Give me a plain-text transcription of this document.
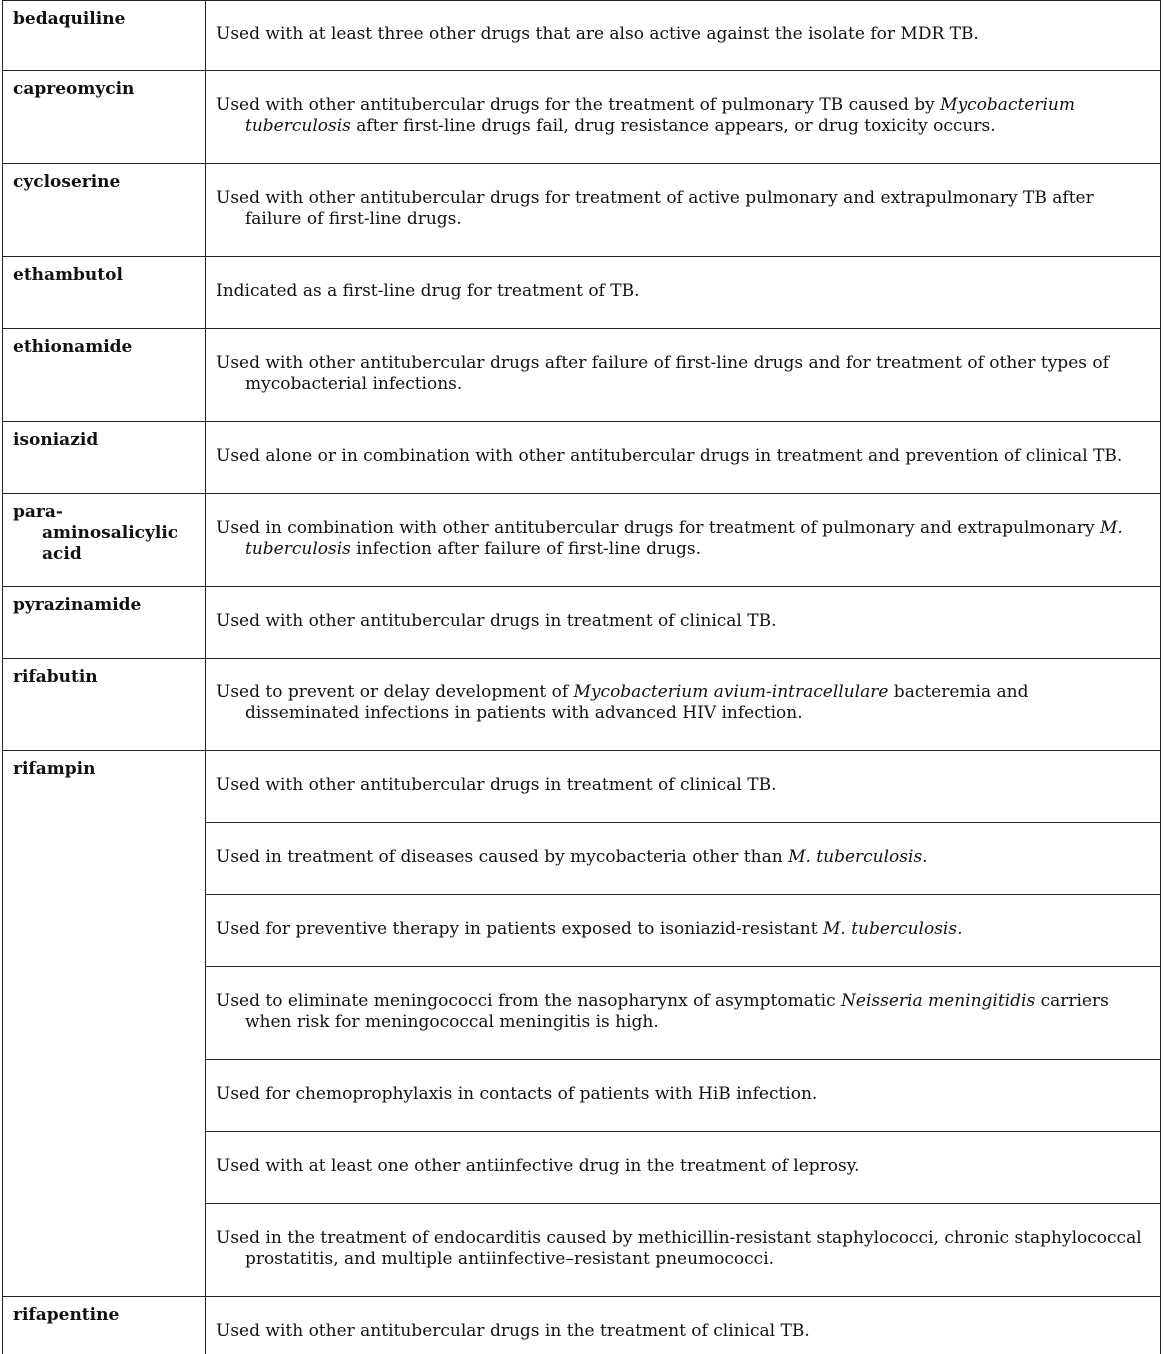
bedaquiline	Used with at least three other drugs that are also active against the isolate for MDR TB.

capreomycin	Used with other antitubercular drugs for the treatment of pulmonary TB caused by Mycobacterium tuberculosis after first-line drugs fail, drug resistance appears, or drug toxicity occurs.

cycloserine	Used with other antitubercular drugs for treatment of active pulmonary and extrapulmonary TB after failure of first-line drugs.

ethambutol	Indicated as a first-line drug for treatment of TB.

ethionamide	Used with other antitubercular drugs after failure of first-line drugs and for treatment of other types of mycobacterial infections.

isoniazid	Used alone or in combination with other antitubercular drugs in treatment and prevention of clinical TB.

para-aminosalicylic acid	Used in combination with other antitubercular drugs for treatment of pulmonary and extrapulmonary M. tuberculosis infection after failure of first-line drugs.

pyrazinamide	Used with other antitubercular drugs in treatment of clinical TB.

rifabutin	Used to prevent or delay development of Mycobacterium avium-intracellulare bacteremia and disseminated infections in patients with advanced HIV infection.

rifampin	Used with other antitubercular drugs in treatment of clinical TB.

	Used in treatment of diseases caused by mycobacteria other than M. tuberculosis.

	Used for preventive therapy in patients exposed to isoniazid-resistant M. tuberculosis.

	Used to eliminate meningococci from the nasopharynx of asymptomatic Neisseria meningitidis carriers when risk for meningococcal meningitis is high.

	Used for chemoprophylaxis in contacts of patients with HiB infection.

	Used with at least one other antiinfective drug in the treatment of leprosy.

	Used in the treatment of endocarditis caused by methicillin-resistant staphylococci, chronic staphylococcal prostatitis, and multiple antiinfective–resistant pneumococci.

rifapentine	Used with other antitubercular drugs in the treatment of clinical TB.
